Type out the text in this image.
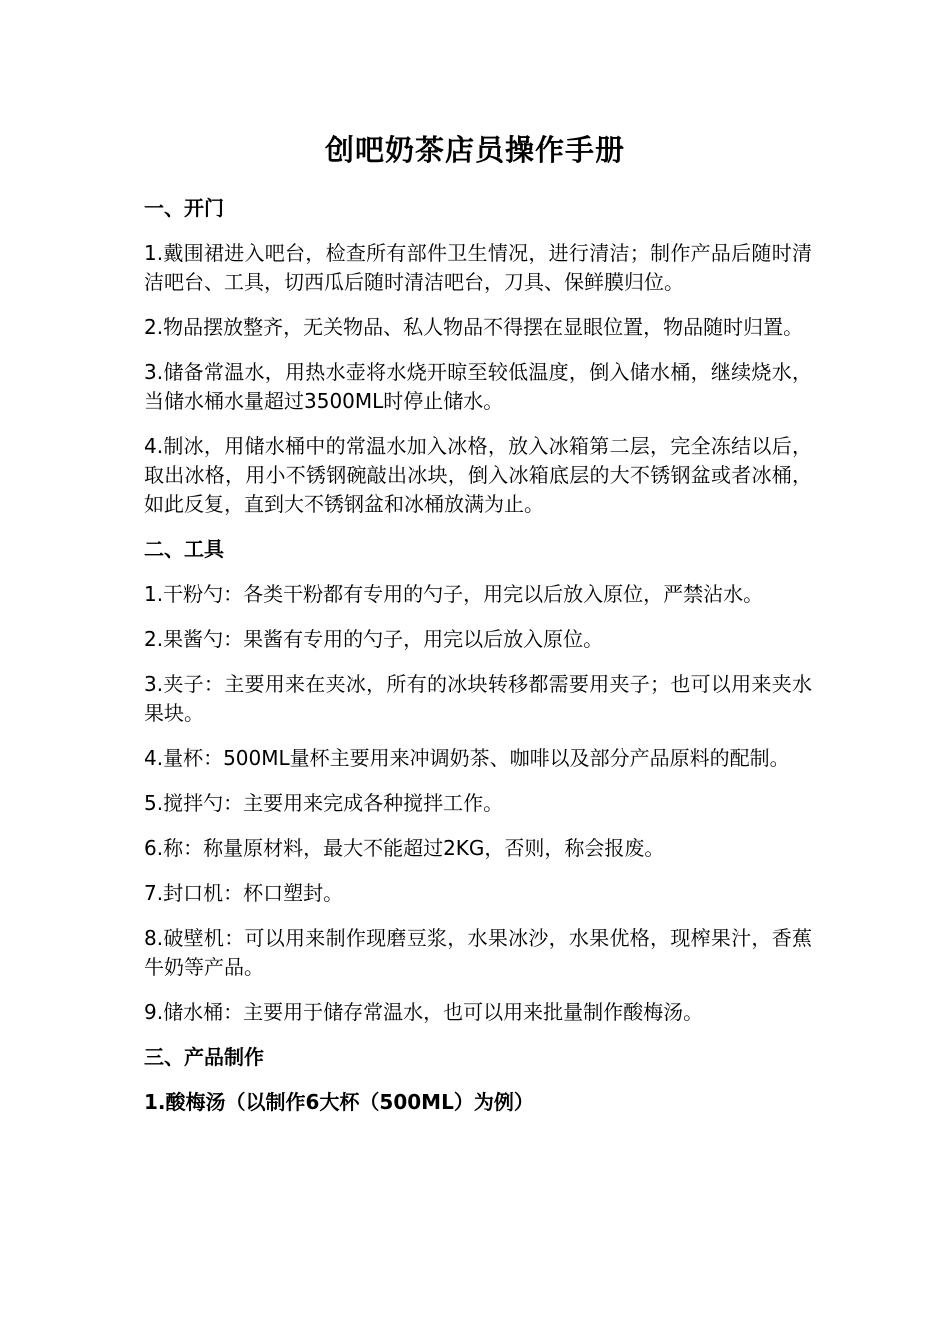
创吧奶茶店员操作手册
一、开门

1.戴围裙进入吧台，检查所有部件卫生情况，进行清洁；制作产品后随时清洁吧台、工具，切西瓜后随时清洁吧台，刀具、保鲜膜归位。

2.物品摆放整齐，无关物品、私人物品不得摆在显眼位置，物品随时归置。

3.储备常温水，用热水壶将水烧开晾至较低温度，倒入储水桶，继续烧水，当储水桶水量超过3500ML时停止储水。

4.制冰，用储水桶中的常温水加入冰格，放入冰箱第二层，完全冻结以后，取出冰格，用小不锈钢碗敲出冰块，倒入冰箱底层的大不锈钢盆或者冰桶，如此反复，直到大不锈钢盆和冰桶放满为止。

二、工具

1.干粉勺：各类干粉都有专用的勺子，用完以后放入原位，严禁沾水。

2.果酱勺：果酱有专用的勺子，用完以后放入原位。

3.夹子：主要用来在夹冰，所有的冰块转移都需要用夹子；也可以用来夹水果块。

4.量杯：500ML量杯主要用来冲调奶茶、咖啡以及部分产品原料的配制。

5.搅拌勺：主要用来完成各种搅拌工作。

6.称：称量原材料，最大不能超过2KG，否则，称会报废。

7.封口机：杯口塑封。

8.破壁机：可以用来制作现磨豆浆，水果冰沙，水果优格，现榨果汁，香蕉牛奶等产品。

9.储水桶：主要用于储存常温水，也可以用来批量制作酸梅汤。

三、产品制作
1.酸梅汤（以制作6大杯（500ML）为例）
